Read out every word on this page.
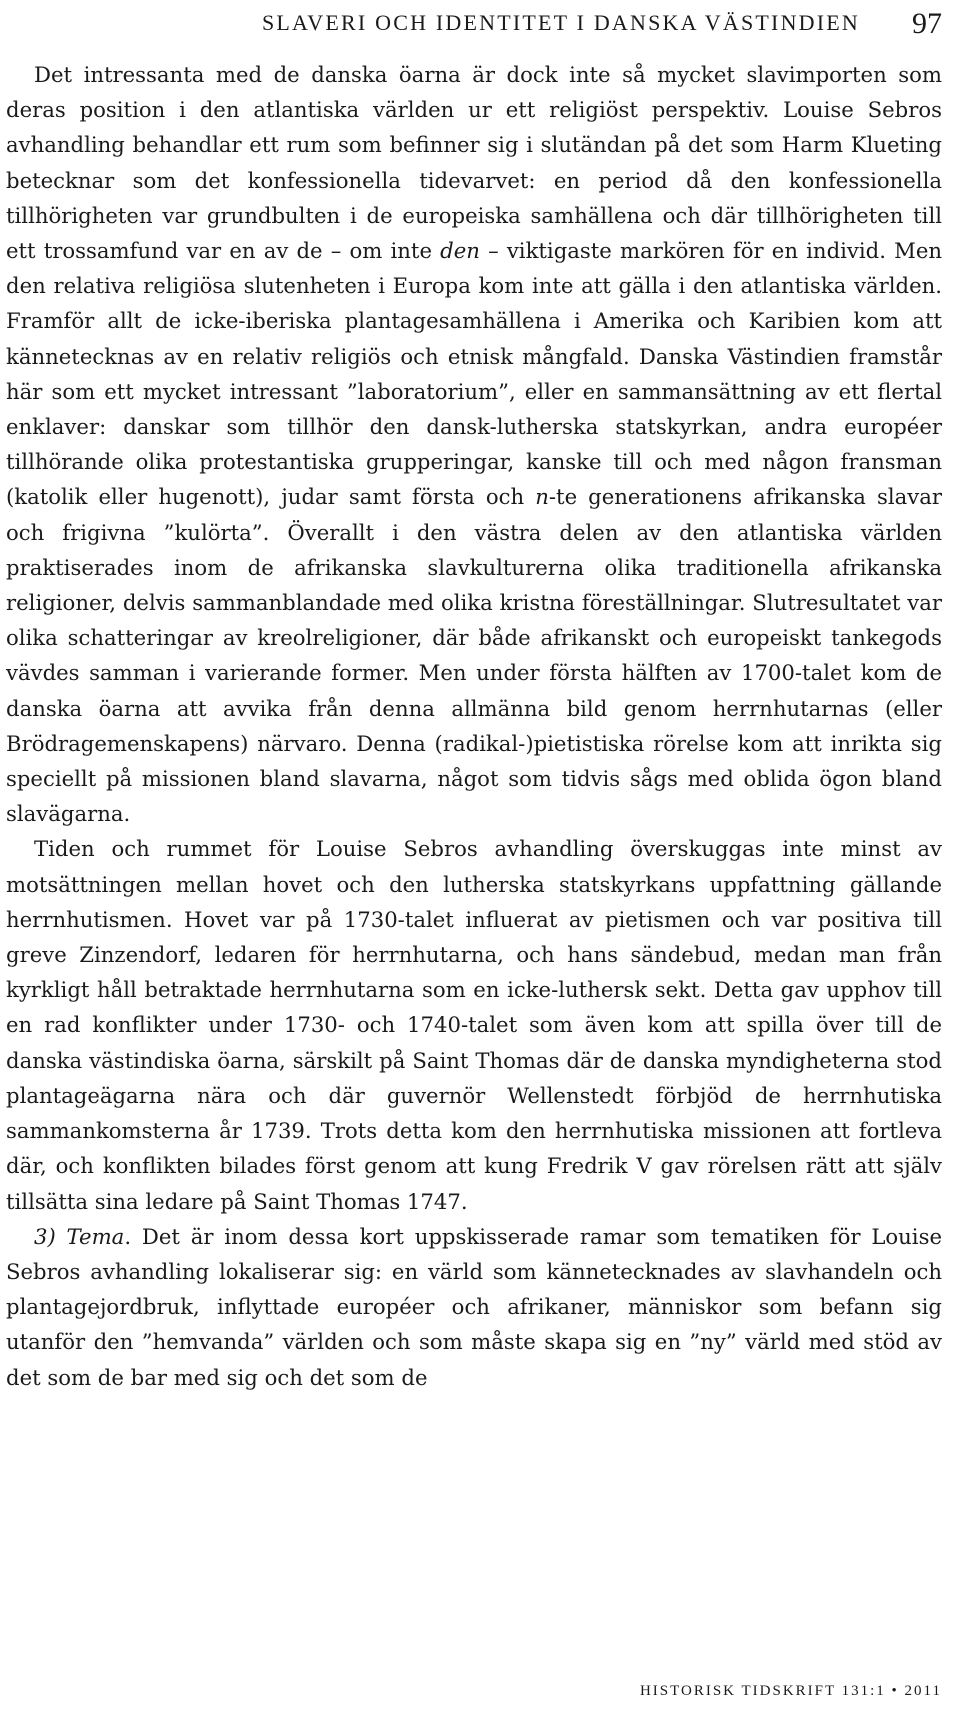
SLAVERI OCH IDENTITET I DANSKA VÄSTINDIEN 97

Det intressanta med de danska öarna är dock inte så mycket slavimporten som deras position i den atlantiska världen ur ett religiöst perspektiv. Louise Sebros avhandling behandlar ett rum som befinner sig i slutändan på det som Harm Klueting betecknar som det konfessionella tidevarvet: en period då den konfessionella tillhörigheten var grundbulten i de europeiska samhällena och där tillhörigheten till ett trossamfund var en av de – om inte den – viktigaste markören för en individ. Men den relativa religiösa slutenheten i Europa kom inte att gälla i den atlantiska världen. Framför allt de icke-iberiska plantagesamhällena i Amerika och Karibien kom att kännetecknas av en relativ religiös och etnisk mångfald. Danska Västindien framstår här som ett mycket intressant ”laboratorium”, eller en sammansättning av ett flertal enklaver: danskar som tillhör den dansk-lutherska statskyrkan, andra européer tillhörande olika protestantiska grupperingar, kanske till och med någon fransman (katolik eller hugenott), judar samt första och n-te generationens afrikanska slavar och frigivna ”kulörta”. Överallt i den västra delen av den atlantiska världen praktiserades inom de afrikanska slavkulturerna olika traditionella afrikanska religioner, delvis sammanblandade med olika kristna föreställningar. Slutresultatet var olika schatteringar av kreolreligioner, där både afrikanskt och europeiskt tankegods vävdes samman i varierande former. Men under första hälften av 1700-talet kom de danska öarna att avvika från denna allmänna bild genom herrnhutarnas (eller Brödragemenskapens) närvaro. Denna (radikal-)pietistiska rörelse kom att inrikta sig speciellt på missionen bland slavarna, något som tidvis sågs med oblida ögon bland slavägarna.

Tiden och rummet för Louise Sebros avhandling överskuggas inte minst av motsättningen mellan hovet och den lutherska statskyrkans uppfattning gällande herrnhutismen. Hovet var på 1730-talet influerat av pietismen och var positiva till greve Zinzendorf, ledaren för herrnhutarna, och hans sändebud, medan man från kyrkligt håll betraktade herrnhutarna som en icke-luthersk sekt. Detta gav upphov till en rad konflikter under 1730- och 1740-talet som även kom att spilla över till de danska västindiska öarna, särskilt på Saint Thomas där de danska myndigheterna stod plantageägarna nära och där guvernör Wellenstedt förbjöd de herrnhutiska sammankomsterna år 1739. Trots detta kom den herrnhutiska missionen att fortleva där, och konflikten bilades först genom att kung Fredrik V gav rörelsen rätt att själv tillsätta sina ledare på Saint Thomas 1747.

3) Tema. Det är inom dessa kort uppskisserade ramar som tematiken för Louise Sebros avhandling lokaliserar sig: en värld som kännetecknades av slavhandeln och plantagejordbruk, inflyttade européer och afrikaner, människor som befann sig utanför den ”hemvanda” världen och som måste skapa sig en ”ny” värld med stöd av det som de bar med sig och det som de

HISTORISK TIDSKRIFT 131:1 • 2011
